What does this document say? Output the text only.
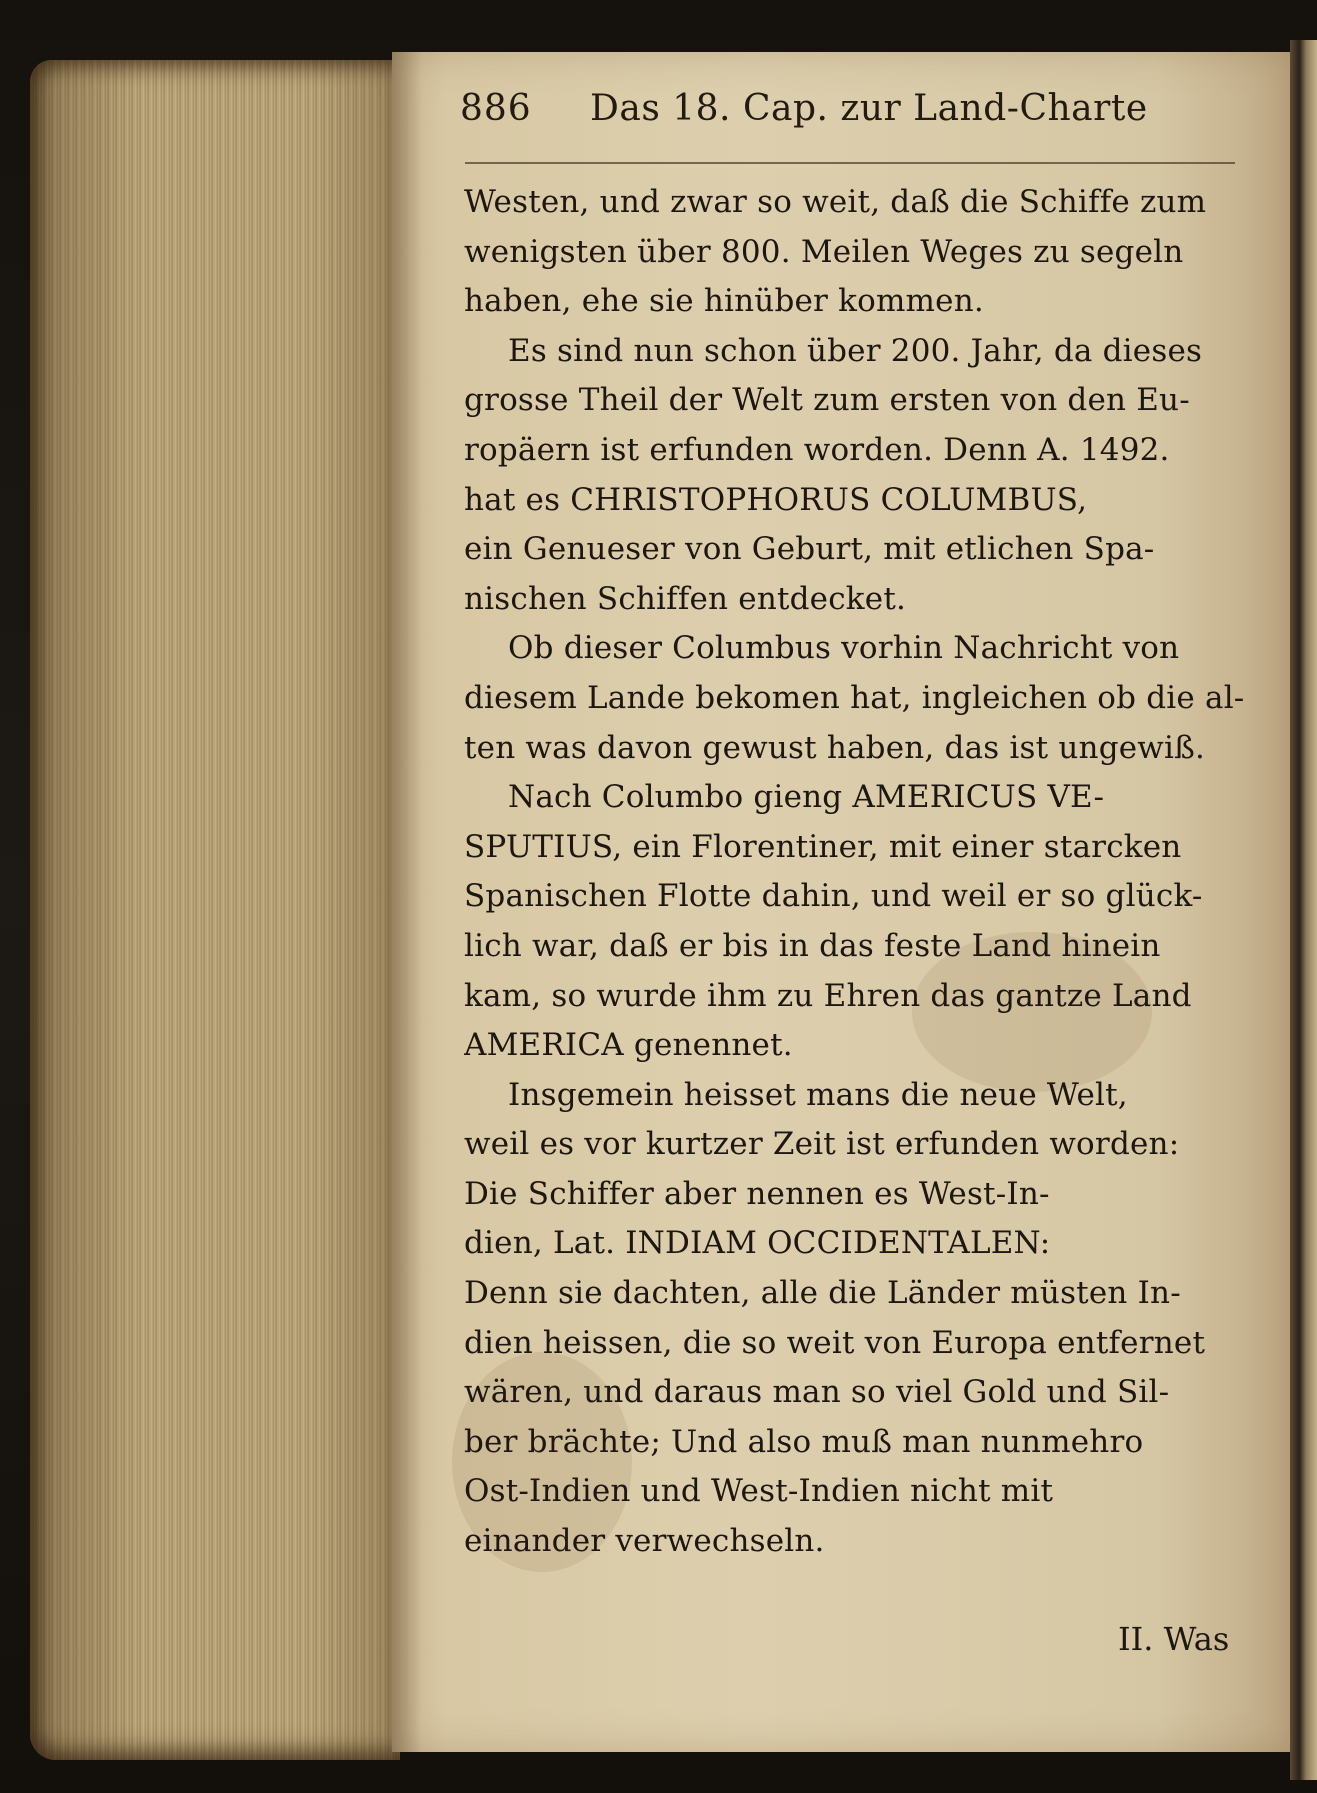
886 Das 18. Cap. zur Land-Charte
Westen, und zwar so weit, daß die Schiffe zum
wenigsten über 800. Meilen Weges zu segeln
haben, ehe sie hinüber kommen.
Es sind nun schon über 200. Jahr, da dieses
grosse Theil der Welt zum ersten von den Eu-
ropäern ist erfunden worden. Denn A. 1492.
hat es CHRISTOPHORUS COLUMBUS,
ein Genueser von Geburt, mit etlichen Spa-
nischen Schiffen entdecket.
Ob dieser Columbus vorhin Nachricht von
diesem Lande bekomen hat, ingleichen ob die al-
ten was davon gewust haben, das ist ungewiß.
Nach Columbo gieng AMERICUS VE-
SPUTIUS, ein Florentiner, mit einer starcken
Spanischen Flotte dahin, und weil er so glück-
lich war, daß er bis in das feste Land hinein
kam, so wurde ihm zu Ehren das gantze Land
AMERICA genennet.
Insgemein heisset mans die neue Welt,
weil es vor kurtzer Zeit ist erfunden worden:
Die Schiffer aber nennen es West-In-
dien, Lat. INDIAM OCCIDENTALEN:
Denn sie dachten, alle die Länder müsten In-
dien heissen, die so weit von Europa entfernet
wären, und daraus man so viel Gold und Sil-
ber brächte; Und also muß man nunmehro
Ost-Indien und West-Indien nicht mit
einander verwechseln.
II. Was
